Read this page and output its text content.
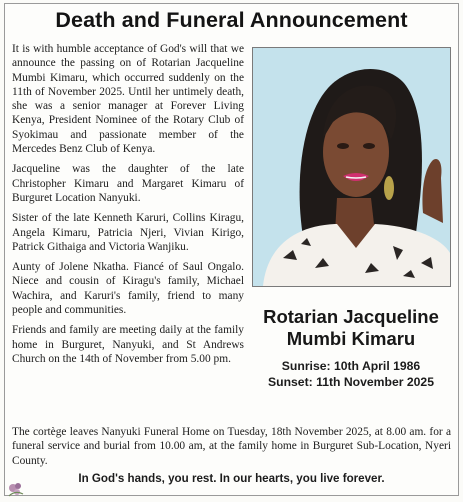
Death and Funeral Announcement

It is with humble acceptance of God's will that we announce the passing on of Rotarian Jacqueline Mumbi Kimaru, which occurred suddenly on the 11th of November 2025. Until her untimely death, she was a senior manager at Forever Living Kenya, President Nominee of the Rotary Club of Syokimau and passionate member of the Mercedes Benz Club of Kenya.

Jacqueline was the daughter of the late Christopher Kimaru and Margaret Kimaru of Burguret Location Nanyuki.

Sister of the late Kenneth Karuri, Collins Kiragu, Angela Kimaru, Patricia Njeri, Vivian Kirigo, Patrick Githaiga and Victoria Wanjiku.

Aunty of Jolene Nkatha. Fiancé of Saul Ongalo. Niece and cousin of Kiragu's family, Michael Wachira, and Karuri's family, friend to many people and communities.

Friends and family are meeting daily at the family home in Burguret, Nanyuki, and St Andrews Church on the 14th of November from 5.00 pm.

Rotarian Jacqueline
Mumbi Kimaru
Sunrise: 10th April 1986
Sunset: 11th November 2025
The cortège leaves Nanyuki Funeral Home on Tuesday, 18th November 2025, at 8.00 am. for a funeral service and burial from 10.00 am, at the family home in Burguret Sub-Location, Nyeri County.
In God's hands, you rest. In our hearts, you live forever.
